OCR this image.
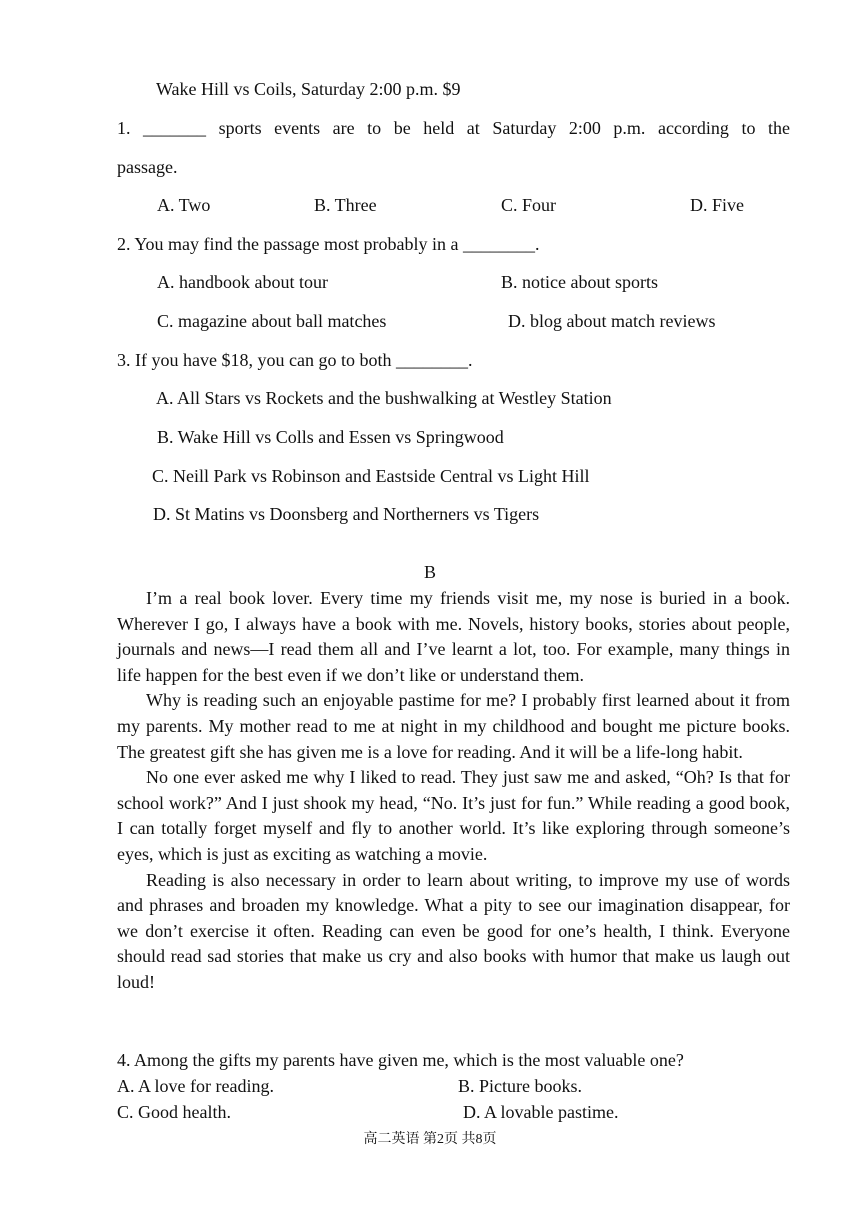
Wake Hill vs Coils, Saturday 2:00 p.m. $9
1. _______ sports events are to be held at Saturday 2:00 p.m. according to the
passage.
A. Two	B. Three	C. Four	D. Five
2. You may find the passage most probably in a ________.
A. handbook about tour	B. notice about sports
C. magazine about ball matches	D. blog about match reviews
3. If you have $18, you can go to both ________.
A. All Stars vs Rockets and the bushwalking at Westley Station
B. Wake Hill vs Colls and Essen vs Springwood
C. Neill Park vs Robinson and Eastside Central vs Light Hill
D. St Matins vs Doonsberg and Northerners vs Tigers
B

I’m a real book lover. Every time my friends visit me, my nose is buried in a book. Wherever I go, I always have a book with me. Novels, history books, stories about people, journals and news—I read them all and I’ve learnt a lot, too. For example, many things in life happen for the best even if we don’t like or understand them.

Why is reading such an enjoyable pastime for me? I probably first learned about it from my parents. My mother read to me at night in my childhood and bought me picture books. The greatest gift she has given me is a love for reading. And it will be a life-long habit.

No one ever asked me why I liked to read. They just saw me and asked, “Oh? Is that for school work?” And I just shook my head, “No. It’s just for fun.” While reading a good book, I can totally forget myself and fly to another world. It’s like exploring through someone’s eyes, which is just as exciting as watching a movie.

Reading is also necessary in order to learn about writing, to improve my use of words and phrases and broaden my knowledge. What a pity to see our imagination disappear, for we don’t exercise it often. Reading can even be good for one’s health, I think. Everyone should read sad stories that make us cry and also books with humor that make us laugh out loud!

4. Among the gifts my parents have given me, which is the most valuable one?
A. A love for reading.	B. Picture books.
C. Good health.	D. A lovable pastime.
高二英语 第2页 共8页
